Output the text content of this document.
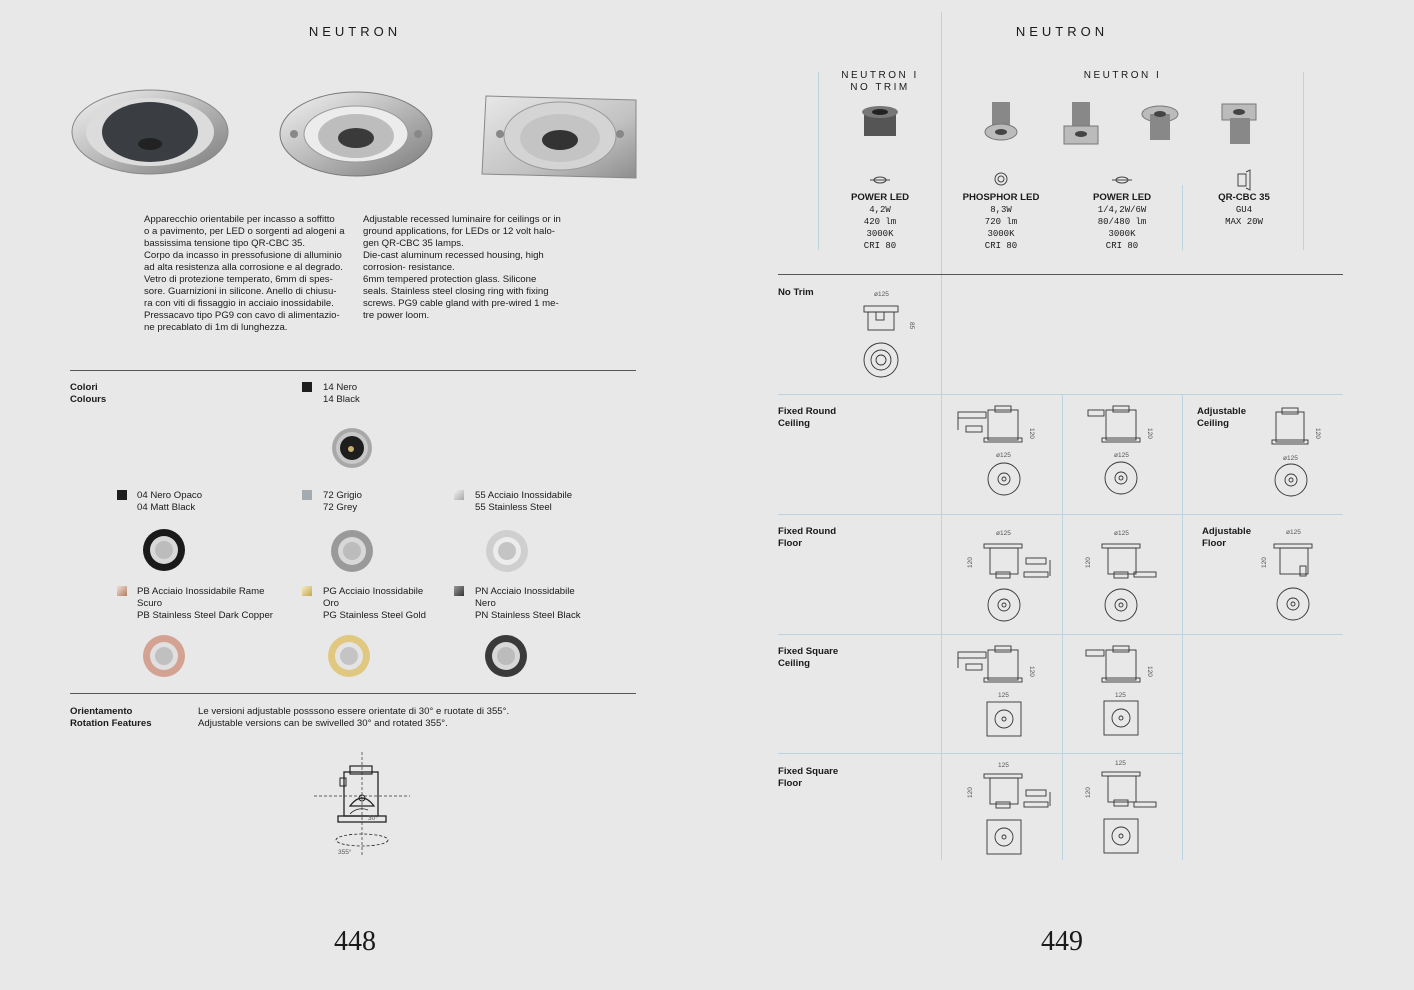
NEUTRON
Apparecchio orientabile per incasso a soffitto
o a pavimento, per LED o sorgenti ad alogeni a
bassissima tensione tipo QR-CBC 35.
Corpo da incasso in pressofusione di alluminio
ad alta resistenza alla corrosione e al degrado.
Vetro di protezione temperato, 6mm di spes-
sore. Guarnizioni in silicone. Anello di chiusu-
ra con viti di fissaggio in acciaio inossidabile.
Pressacavo tipo PG9 con cavo di alimentazio-
ne precablato di 1m di lunghezza.
Adjustable recessed luminaire for ceilings or in
ground applications, for LEDs or 12 volt halo-
gen QR-CBC 35 lamps.
Die-cast aluminum recessed housing, high
corrosion- resistance.
6mm tempered protection glass. Silicone
seals. Stainless steel closing ring with fixing
screws. PG9 cable gland with pre-wired 1 me-
tre power loom.
Colori
Colours
14 Nero
14 Black
04 Nero Opaco
04 Matt Black
72 Grigio
72 Grey
55 Acciaio Inossidabile
55 Stainless Steel
PB Acciaio Inossidabile Rame Scuro
PB Stainless Steel Dark Copper
PG Acciaio Inossidabile Oro
PG Stainless Steel Gold
PN Acciaio Inossidabile Nero
PN Stainless Steel Black
Orientamento
Rotation Features
Le versioni adjustable posssono essere orientate di 30° e ruotate di 355°.
Adjustable versions can be swivelled 30° and rotated 355°.
30°
355°
448
NEUTRON
NEUTRON I
NO TRIM
NEUTRON I
POWER LED
4,2W
420 lm
3000K
CRI 80
PHOSPHOR LED
8,3W
720 lm
3000K
CRI 80
POWER LED
1/4,2W/6W
80/480 lm
3000K
CRI 80
QR-CBC 35
GU4
MAX 20W
No Trim
Fixed Round
Ceiling
Fixed Round
Floor
Fixed Square
Ceiling
Fixed Square
Floor
Adjustable
Ceiling
Adjustable
Floor
ø125
85
ø125
120
ø125
120
ø125
120
ø125
120
ø125
120
ø125
120
120
125
120
125
125
120
125
120
449
